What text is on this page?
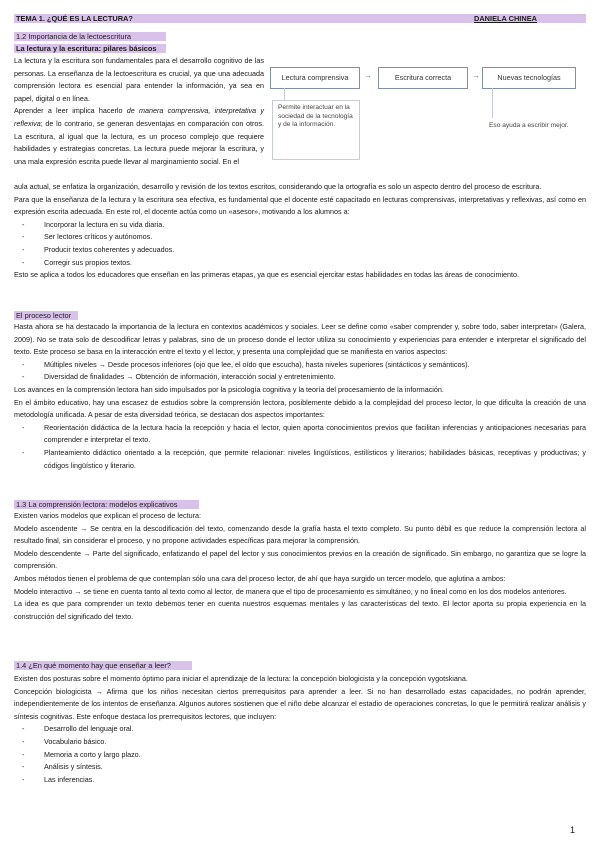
TEMA 1. ¿QUÉ ES LA LECTURA?	DANIELA CHINEA
1.2 Importancia de la lectoescritura
La lectura y la escritura: pilares básicos

La lectura y la escritura son fundamentales para el desarrollo cognitivo de las personas. La enseñanza de la lectoescritura es crucial, ya que una adecuada comprensión lectora es esencial para entender la información, ya sea en papel, digital o en línea.

Aprender a leer implica hacerlo de manera comprensiva, interpretativa y reflexiva; de lo contrario, se generan desventajas en comparación con otros. La escritura, al igual que la lectura, es un proceso complejo que requiere habilidades y estrategias concretas. La lectura puede mejorar la escritura, y una mala expresión escrita puede llevar al marginamiento social. En el

Lectura comprensiva	→	Escritura correcta	→	Nuevas tecnologías
Permite interactuar en la sociedad de la tecnología y de la información.	Eso ayuda a escribir mejor.

aula actual, se enfatiza la organización, desarrollo y revisión de los textos escritos, considerando que la ortografía es solo un aspecto dentro del proceso de escritura.

Para que la enseñanza de la lectura y la escritura sea efectiva, es fundamental que el docente esté capacitado en lecturas comprensivas, interpretativas y reflexivas, así como en expresión escrita adecuada. En este rol, el docente actúa como un «asesor», motivando a los alumnos a:

- Incorporar la lectura en su vida diaria.
- Ser lectores críticos y autónomos.
- Producir textos coherentes y adecuados.
- Corregir sus propios textos.

Esto se aplica a todos los educadores que enseñan en las primeras etapas, ya que es esencial ejercitar estas habilidades en todas las áreas de conocimiento.

El proceso lector

Hasta ahora se ha destacado la importancia de la lectura en contextos académicos y sociales. Leer se define como «saber comprender y, sobre todo, saber interpretar» (Galera, 2009). No se trata solo de descodificar letras y palabras, sino de un proceso donde el lector utiliza su conocimiento y experiencias para entender e interpretar el significado del texto. Este proceso se basa en la interacción entre el texto y el lector, y presenta una complejidad que se manifiesta en varios aspectos:

- Múltiples niveles → Desde procesos inferiores (ojo que lee, el oído que escucha), hasta niveles superiores (sintácticos y semánticos).
- Diversidad de finalidades → Obtención de información, interacción social y entretenimiento.

Los avances en la comprensión lectora han sido impulsados por la psicología cognitiva y la teoría del procesamiento de la información.

En el ámbito educativo, hay una escasez de estudios sobre la comprensión lectora, posiblemente debido a la complejidad del proceso lector, lo que dificulta la creación de una metodología unificada. A pesar de esta diversidad teórica, se destacan dos aspectos importantes:

- Reorientación didáctica de la lectura hacia la recepción y hacia el lector, quien aporta conocimientos previos que facilitan inferencias y anticipaciones necesarias para comprender e interpretar el texto.
- Planteamiento didáctico orientado a la recepción, que permite relacionar: niveles lingüísticos, estilísticos y literarios; habilidades básicas, receptivas y productivas; y códigos lingüístico y literario.
1.3 La comprensión lectora: modelos explicativos

Existen varios modelos que explican el proceso de lectura:

Modelo ascendente → Se centra en la descodificación del texto, comenzando desde la grafía hasta el texto completo. Su punto débil es que reduce la comprensión lectora al resultado final, sin considerar el proceso, y no propone actividades específicas para mejorar la comprensión.

Modelo descendente → Parte del significado, enfatizando el papel del lector y sus conocimientos previos en la creación de significado. Sin embargo, no garantiza que se logre la comprensión.

Ambos métodos tienen el problema de que contemplan sólo una cara del proceso lector, de ahí que haya surgido un tercer modelo, que aglutina a ambos:

Modelo interactivo → se tiene en cuenta tanto al texto como al lector, de manera que el tipo de procesamiento es simultáneo, y no lineal como en los dos modelos anteriores.

La idea es que para comprender un texto debemos tener en cuenta nuestros esquemas mentales y las características del texto. El lector aporta su propia experiencia en la construcción del significado del texto.

1.4 ¿En qué momento hay que enseñar a leer?

Existen dos posturas sobre el momento óptimo para iniciar el aprendizaje de la lectura: la concepción biologicista y la concepción vygotskiana.

Concepción biologicista → Afirma que los niños necesitan ciertos prerrequisitos para aprender a leer. Si no han desarrollado estas capacidades, no podrán aprender, independientemente de los intentos de enseñanza. Algunos autores sostienen que el niño debe alcanzar el estadio de operaciones concretas, lo que le permitirá realizar análisis y síntesis cognitivas. Este enfoque destaca los prerrequisitos lectores, que incluyen:

- Desarrollo del lenguaje oral.
- Vocabulario básico.
- Memoria a corto y largo plazo.
- Análisis y síntesis.
- Las inferencias.
1
